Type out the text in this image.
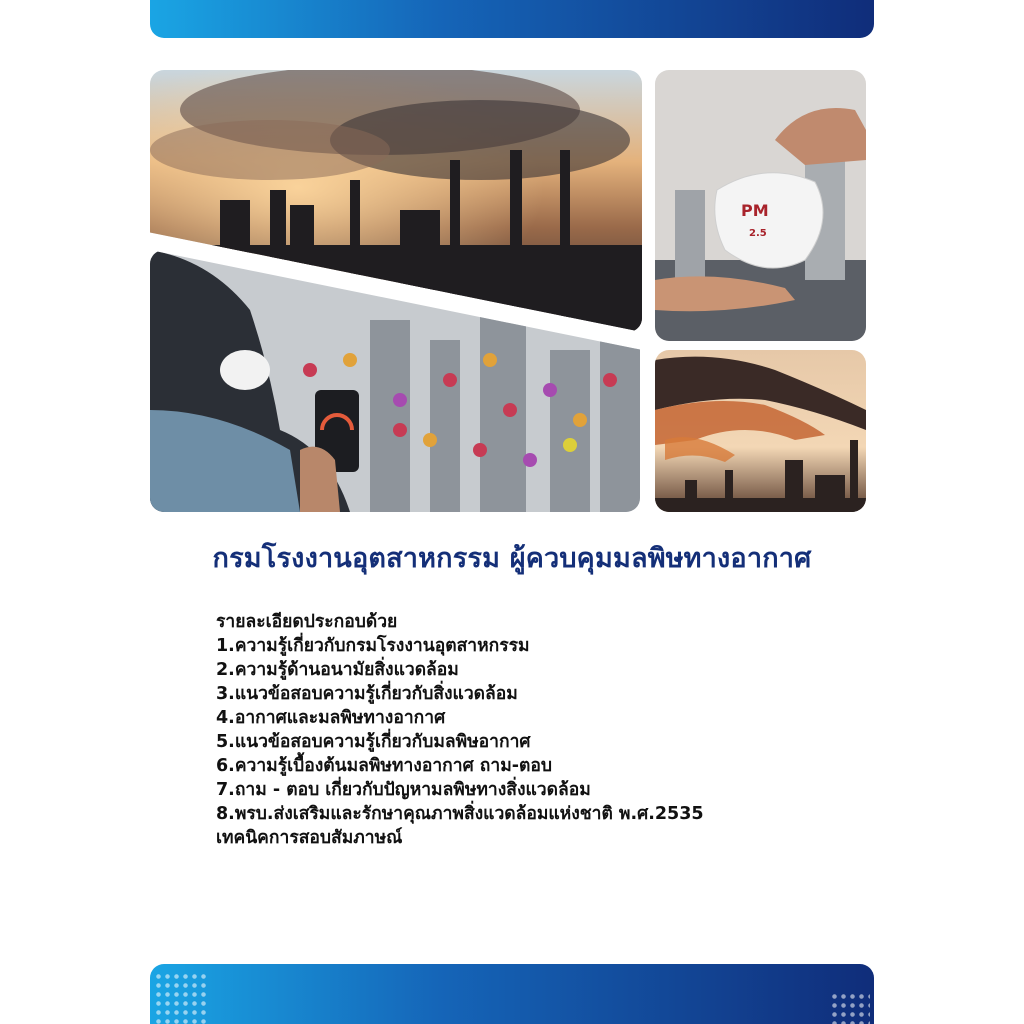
PM
2.5
กรมโรงงานอุตสาหกรรม ผู้ควบคุมมลพิษทางอากาศ
รายละเอียดประกอบด้วย
1.ความรู้เกี่ยวกับกรมโรงงานอุตสาหกรรม
2.ความรู้ด้านอนามัยสิ่งแวดล้อม
3.แนวข้อสอบความรู้เกี่ยวกับสิ่งแวดล้อม
4.อากาศและมลพิษทางอากาศ
5.แนวข้อสอบความรู้เกี่ยวกับมลพิษอากาศ
6.ความรู้เบื้องต้นมลพิษทางอากาศ ถาม-ตอบ
7.ถาม - ตอบ เกี่ยวกับปัญหามลพิษทางสิ่งแวดล้อม
8.พรบ.ส่งเสริมและรักษาคุณภาพสิ่งแวดล้อมแห่งชาติ พ.ศ.2535
เทคนิคการสอบสัมภาษณ์
